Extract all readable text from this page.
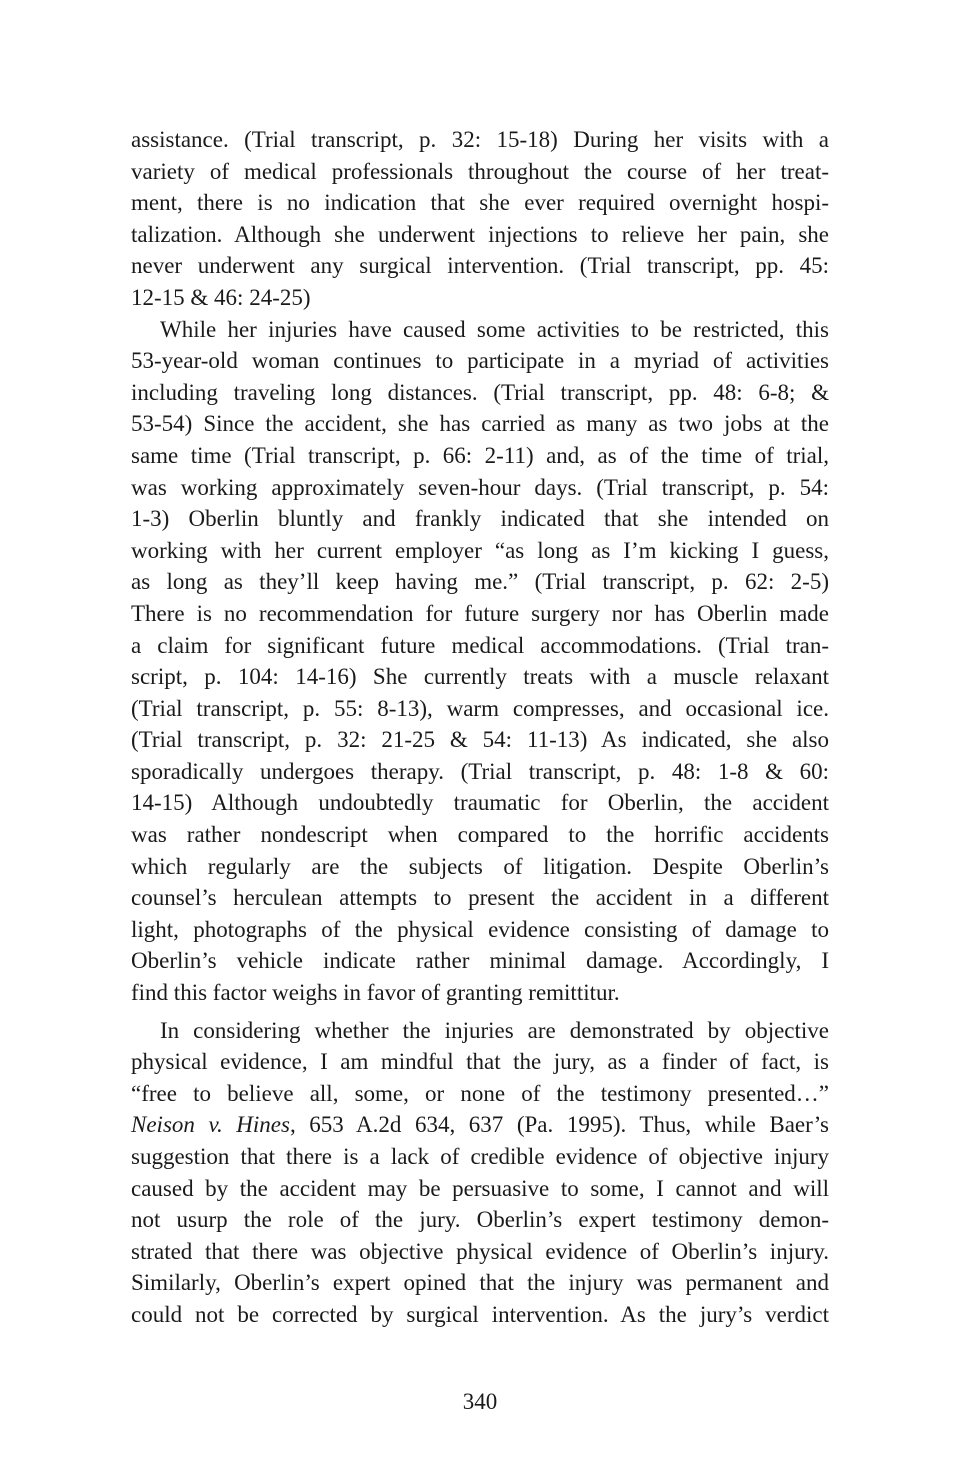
assistance. (Trial transcript, p. 32: 15-18) During her visits with a
variety of medical professionals throughout the course of her treat-
ment, there is no indication that she ever required overnight hospi-
talization. Although she underwent injections to relieve her pain, she
never underwent any surgical intervention. (Trial transcript, pp. 45:
12-15 & 46: 24-25)
While her injuries have caused some activities to be restricted, this
53-year-old woman continues to participate in a myriad of activities
including traveling long distances. (Trial transcript, pp. 48: 6-8; &
53-54) Since the accident, she has carried as many as two jobs at the
same time (Trial transcript, p. 66: 2-11) and, as of the time of trial,
was working approximately seven-hour days. (Trial transcript, p. 54:
1-3) Oberlin bluntly and frankly indicated that she intended on
working with her current employer “as long as I’m kicking I guess,
as long as they’ll keep having me.” (Trial transcript, p. 62: 2-5)
There is no recommendation for future surgery nor has Oberlin made
a claim for significant future medical accommodations. (Trial tran-
script, p. 104: 14-16) She currently treats with a muscle relaxant
(Trial transcript, p. 55: 8-13), warm compresses, and occasional ice.
(Trial transcript, p. 32: 21-25 & 54: 11-13) As indicated, she also
sporadically undergoes therapy. (Trial transcript, p. 48: 1-8 & 60:
14-15) Although undoubtedly traumatic for Oberlin, the accident
was rather nondescript when compared to the horrific accidents
which regularly are the subjects of litigation. Despite Oberlin’s
counsel’s herculean attempts to present the accident in a different
light, photographs of the physical evidence consisting of damage to
Oberlin’s vehicle indicate rather minimal damage. Accordingly, I
find this factor weighs in favor of granting remittitur.
In considering whether the injuries are demonstrated by objective
physical evidence, I am mindful that the jury, as a finder of fact, is
“free to believe all, some, or none of the testimony presented…”
Neison v. Hines, 653 A.2d 634, 637 (Pa. 1995). Thus, while Baer’s
suggestion that there is a lack of credible evidence of objective injury
caused by the accident may be persuasive to some, I cannot and will
not usurp the role of the jury. Oberlin’s expert testimony demon-
strated that there was objective physical evidence of Oberlin’s injury.
Similarly, Oberlin’s expert opined that the injury was permanent and
could not be corrected by surgical intervention. As the jury’s verdict
340
